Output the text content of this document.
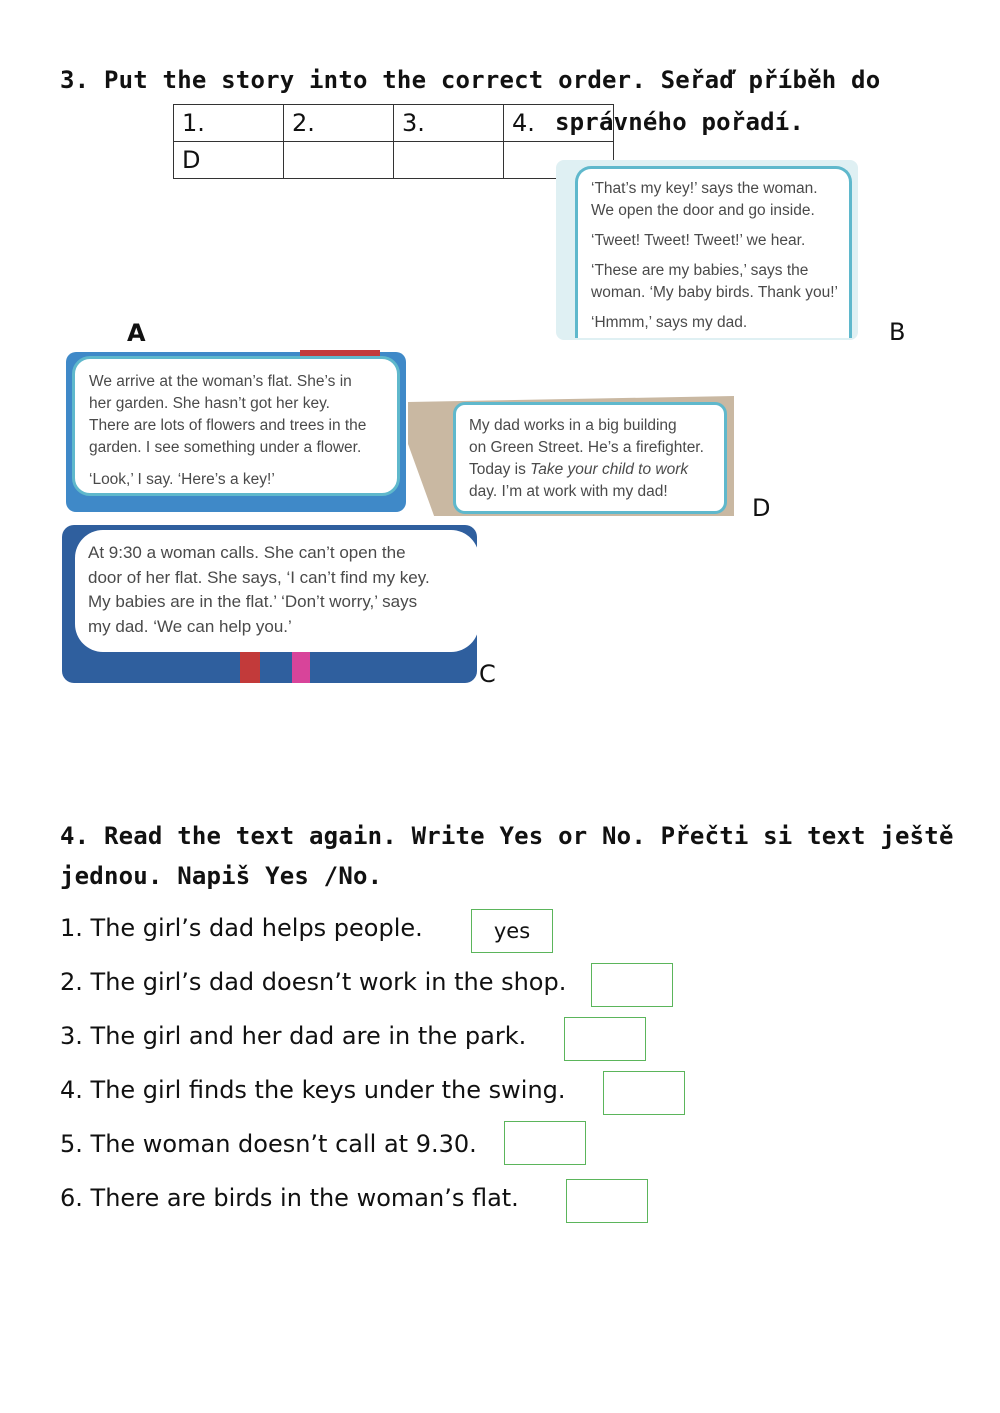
3. Put the story into the correct order. Seřaď příběh do
správného pořadí.
1.	2.	3.	4.
D			

‘That’s my key!’ says the woman.

We open the door and go inside.

‘Tweet! Tweet! Tweet!’ we hear.

‘These are my babies,’ says the

woman. ‘My baby birds. Thank you!’

‘Hmmm,’ says my dad.	B
A

We arrive at the woman’s flat. She’s in

her garden. She hasn’t got her key.

There are lots of flowers and trees in the

garden. I see something under a flower.

‘Look,’ I say. ‘Here’s a key!’

My dad works in a big building

on Green Street. He’s a firefighter.

Today is Take your child to work

day. I’m at work with my dad!

D

At 9:30 a woman calls. She can’t open the

door of her flat. She says, ‘I can’t find my key.

My babies are in the flat.’ ‘Don’t worry,’ says

my dad. ‘We can help you.’

C
4. Read the text again. Write Yes or No. Přečti si text ještě
jednou. Napiš Yes /No.
1. The girl’s dad helps people.	yes
2. The girl’s dad doesn’t work in the shop.
3. The girl and her dad are in the park.
4. The girl finds the keys under the swing.
5. The woman doesn’t call at 9.30.
6. There are birds in the woman’s flat.
